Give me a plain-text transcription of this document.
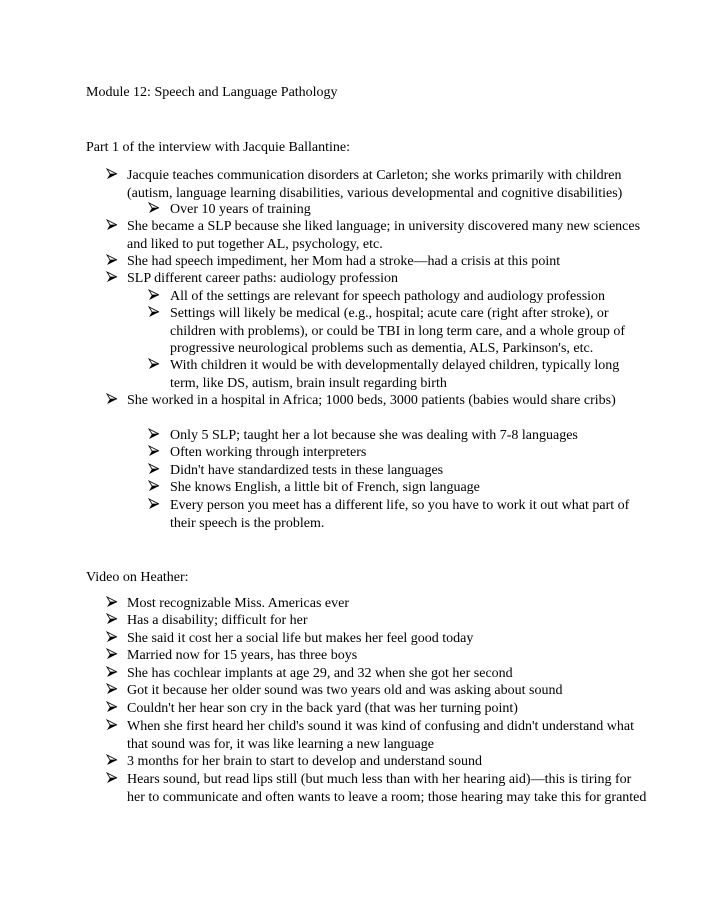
Module 12: Speech and Language Pathology
Part 1 of the interview with Jacquie Ballantine:
Video on Heather:
Jacquie teaches communication disorders at Carleton; she works primarily with children (autism, language learning disabilities, various developmental and cognitive disabilities)
Over 10 years of training
She became a SLP because she liked language; in university discovered many new sciences and liked to put together AL, psychology, etc.
She had speech impediment, her Mom had a stroke—had a crisis at this point
SLP different career paths: audiology profession
All of the settings are relevant for speech pathology and audiology profession
Settings will likely be medical (e.g., hospital; acute care (right after stroke), or children with problems), or could be TBI in long term care, and a whole group of progressive neurological problems such as dementia, ALS, Parkinson's, etc.
With children it would be with developmentally delayed children, typically long term, like DS, autism, brain insult regarding birth
She worked in a hospital in Africa; 1000 beds, 3000 patients (babies would share cribs)
Only 5 SLP; taught her a lot because she was dealing with 7-8 languages
Often working through interpreters
Didn't have standardized tests in these languages
She knows English, a little bit of French, sign language
Every person you meet has a different life, so you have to work it out what part of their speech is the problem.
Most recognizable Miss. Americas ever
Has a disability; difficult for her
She said it cost her a social life but makes her feel good today
Married now for 15 years, has three boys
She has cochlear implants at age 29, and 32 when she got her second
Got it because her older sound was two years old and was asking about sound
Couldn't her hear son cry in the back yard (that was her turning point)
When she first heard her child's sound it was kind of confusing and didn't understand what that sound was for, it was like learning a new language
3 months for her brain to start to develop and understand sound
Hears sound, but read lips still (but much less than with her hearing aid)—this is tiring for her to communicate and often wants to leave a room; those hearing may take this for granted
